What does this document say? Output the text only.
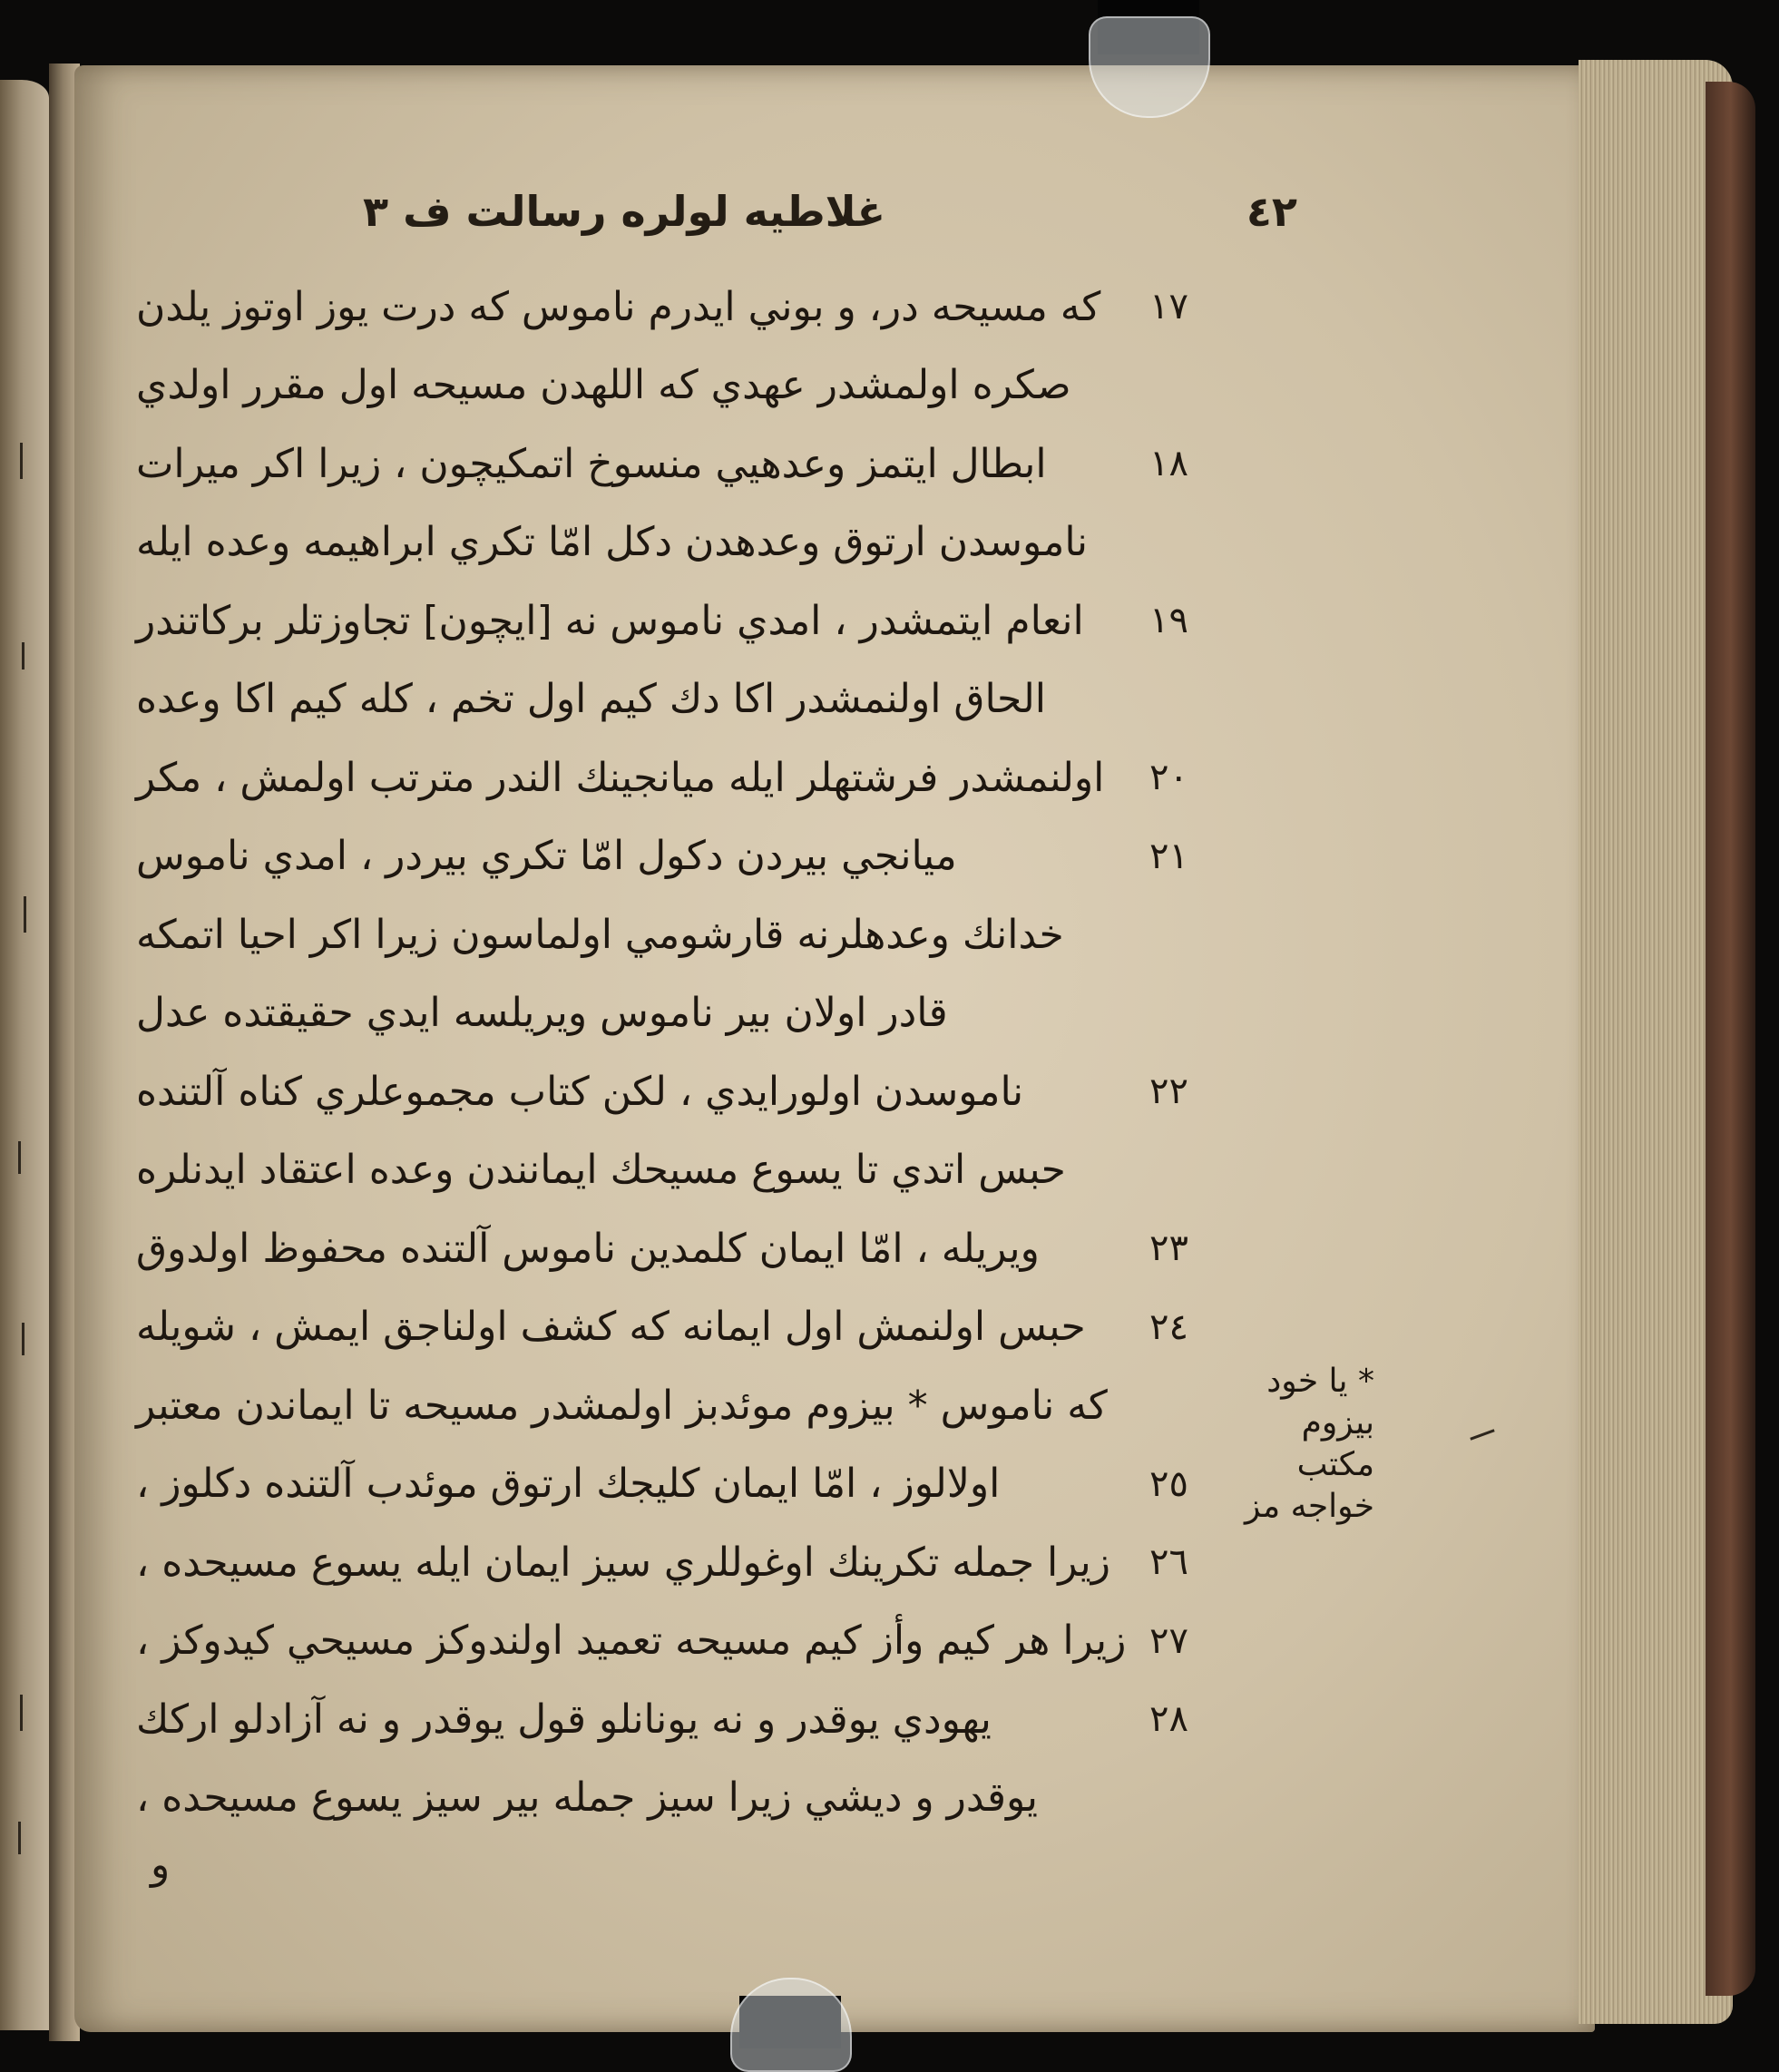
٤٢
غلاطيه لولره رسالت ف ٣
١٧
كه مسيحه در، و بوني ايدرم ناموس كه درت يوز اوتوز يلدن
صكره اولمشدر عهدي كه اللهدن مسيحه اول مقرر اولدي
١٨
ابطال ايتمز وعدهيي منسوخ اتمكيچون ، زيرا اكر ميرات
ناموسدن ارتوق وعدهدن دكل امّا تكري ابراهيمه وعده ايله
١٩
انعام ايتمشدر ، امدي ناموس نه [ايچون] تجاوزتلر بركاتندر
الحاق اولنمشدر اكا دك كيم اول تخم ، كله كيم اكا وعده
٢٠
اولنمشدر فرشتهلر ايله ميانجينك الندر مترتب اولمش ، مكر
٢١
ميانجي بيردن دكول امّا تكري بيردر ، امدي ناموس
خدانك وعدهلرنه قارشومي اولماسون زيرا اكر احيا اتمكه
قادر اولان بير ناموس ويريلسه ايدي حقيقتده عدل
٢٢
ناموسدن اولورايدي ، لكن كتاب مجموعلري كناه آلتنده
حبس اتدي تا يسوع مسيحك ايمانندن وعده اعتقاد ايدنلره
٢٣
ويريله ، امّا ايمان كلمدين ناموس آلتنده محفوظ اولدوق
٢٤
حبس اولنمش اول ايمانه كه كشف اولناجق ايمش ، شويله
كه ناموس * بيزوم موئدبز اولمشدر مسيحه تا ايماندن معتبر
٢٥
اولالوز ، امّا ايمان كليجك ارتوق موئدب آلتنده دكلوز ،
٢٦
زيرا جمله تكرينك اوغوللري سيز ايمان ايله يسوع مسيحده ،
٢٧
زيرا هر كيم وأز كيم مسيحه تعميد اولندوكز مسيحي كيدوكز ،
٢٨
يهودي يوقدر و نه يونانلو قول يوقدر و نه آزادلو اركك
يوقدر و ديشي زيرا سيز جمله بير سيز يسوع مسيحده ،
و
* يا خود
بيزوم مكتب
خواجه مز
